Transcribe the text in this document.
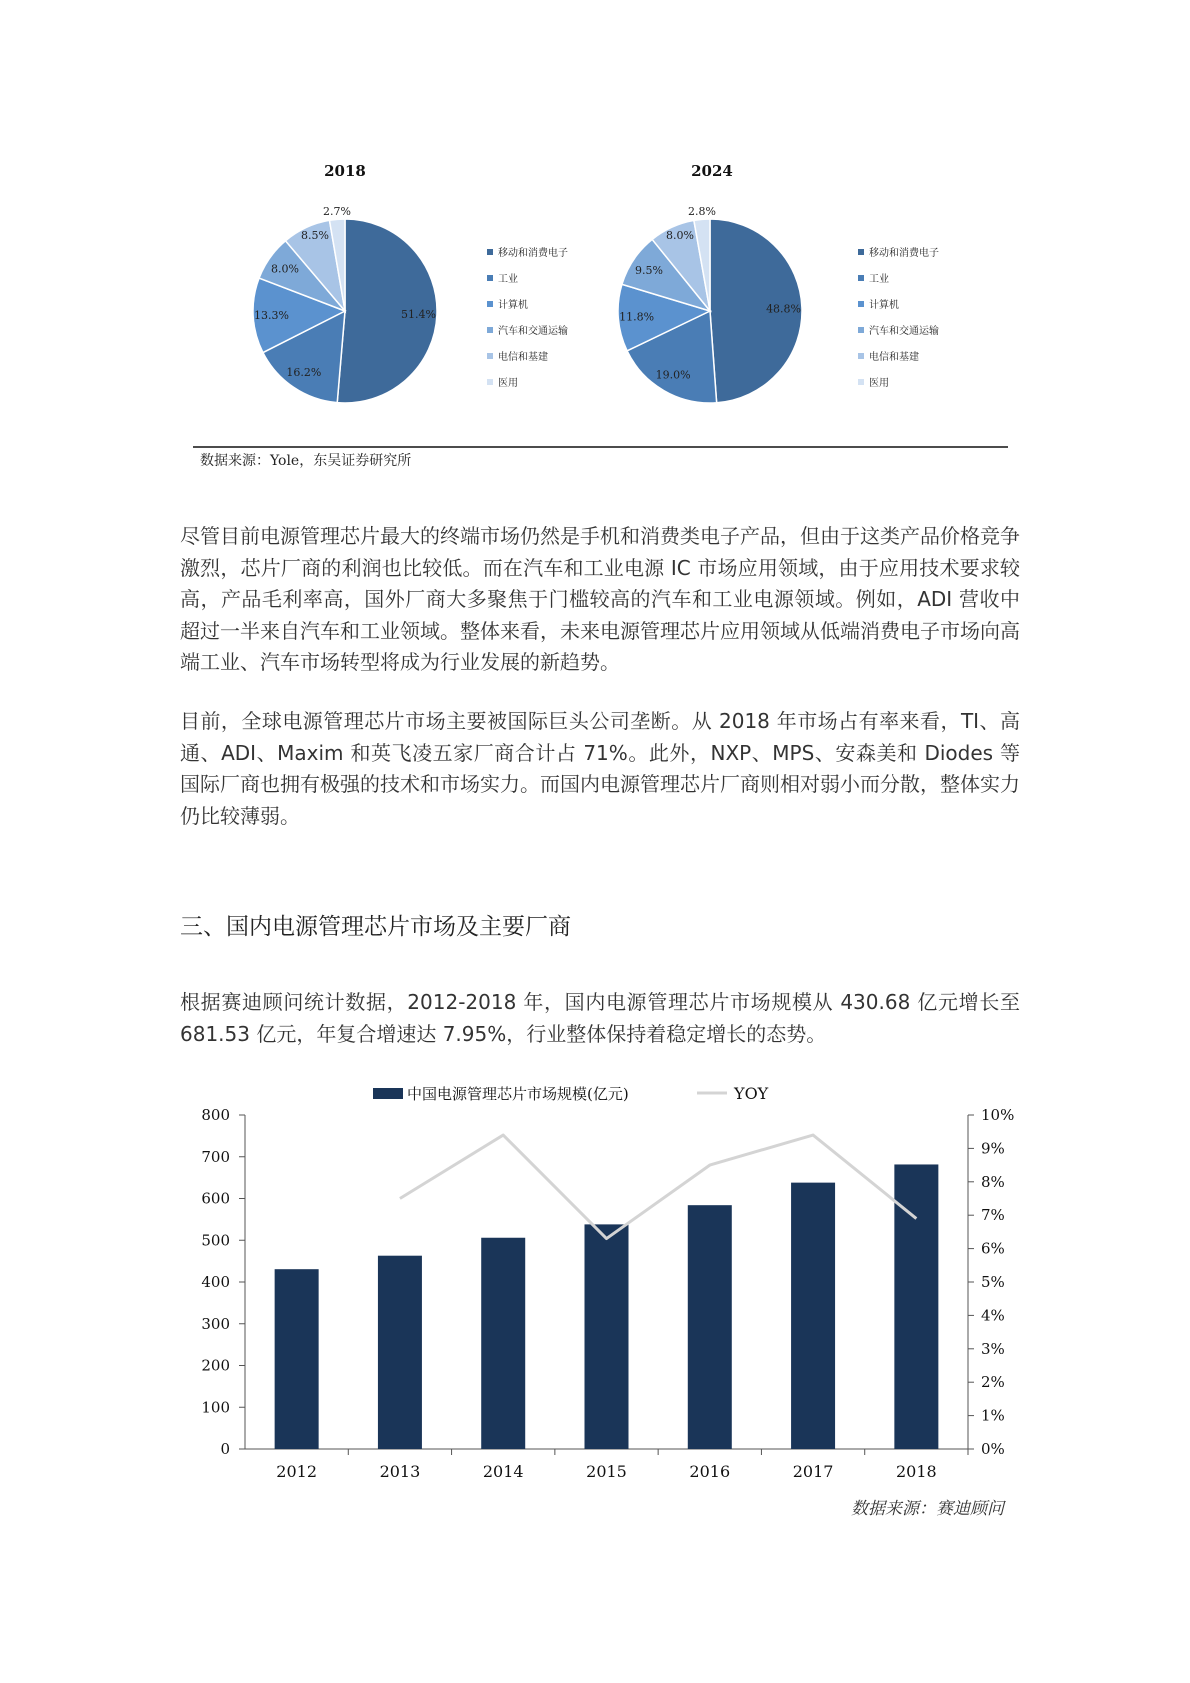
2018
51.4%
16.2%
13.3%
8.0%
8.5%
2.7%
移动和消费电子
工业
计算机
汽车和交通运输
电信和基建
医用
2024
48.8%
19.0%
11.8%
9.5%
8.0%
2.8%
移动和消费电子
工业
计算机
汽车和交通运输
电信和基建
医用
数据来源：Yole，东吴证券研究所

尽管目前电源管理芯片最大的终端市场仍然是手机和消费类电子产品，但由于这类产品价格竞争激烈，芯片厂商的利润也比较低。而在汽车和工业电源 IC 市场应用领域，由于应用技术要求较高，产品毛利率高，国外厂商大多聚焦于门槛较高的汽车和工业电源领域。例如，ADI 营收中超过一半来自汽车和工业领域。整体来看，未来电源管理芯片应用领域从低端消费电子市场向高端工业、汽车市场转型将成为行业发展的新趋势。

目前，全球电源管理芯片市场主要被国际巨头公司垄断。从 2018 年市场占有率来看，TI、高通、ADI、Maxim 和英飞凌五家厂商合计占 71%。此外，NXP、MPS、安森美和 Diodes 等国际厂商也拥有极强的技术和市场实力。而国内电源管理芯片厂商则相对弱小而分散，整体实力仍比较薄弱。

三、国内电源管理芯片市场及主要厂商

根据赛迪顾问统计数据，2012-2018 年，国内电源管理芯片市场规模从 430.68 亿元增长至 681.53 亿元，年复合增速达 7.95%，行业整体保持着稳定增长的态势。

0
100
200
300
400
500
600
700
800
0%
1%
2%
3%
4%
5%
6%
7%
8%
9%
10%
2012	2013	2014	2015	2016	2017	2018
中国电源管理芯片市场规模(亿元)	YOY
数据来源：赛迪顾问
